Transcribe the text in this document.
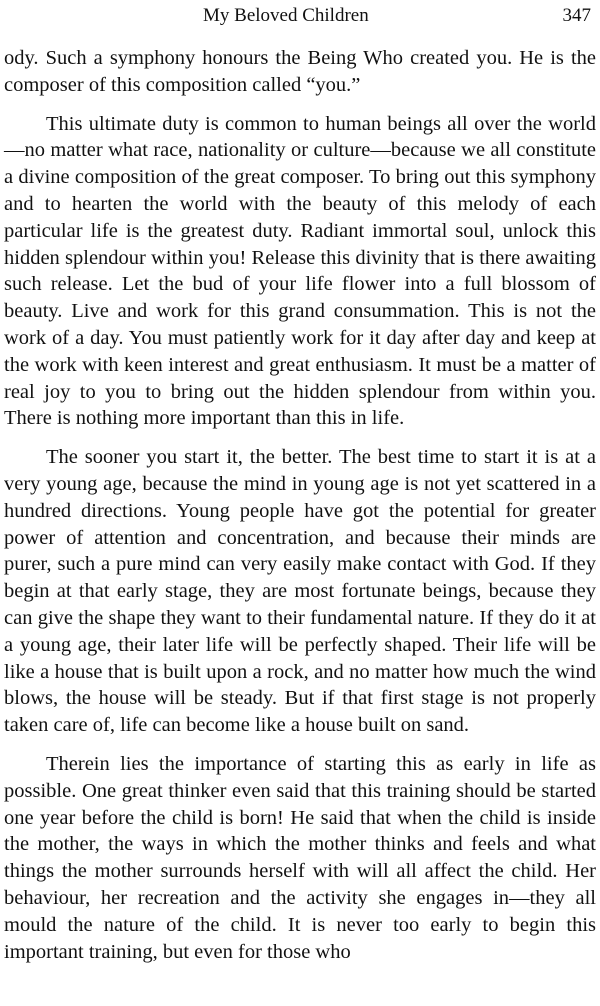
My Beloved Children	347

ody. Such a symphony honours the Being Who created you. He is the composer of this composition called “you.”

This ultimate duty is common to human beings all over the world—no matter what race, nationality or culture—because we all constitute a divine composition of the great composer. To bring out this symphony and to hearten the world with the beauty of this melody of each particular life is the greatest duty. Radiant immortal soul, unlock this hidden splendour within you! Release this divinity that is there awaiting such release. Let the bud of your life flower into a full blossom of beauty. Live and work for this grand consummation. This is not the work of a day. You must patiently work for it day after day and keep at the work with keen interest and great enthusiasm. It must be a matter of real joy to you to bring out the hidden splendour from within you. There is nothing more important than this in life.

The sooner you start it, the better. The best time to start it is at a very young age, because the mind in young age is not yet scattered in a hundred directions. Young people have got the potential for greater power of attention and concentration, and because their minds are purer, such a pure mind can very easily make contact with God. If they begin at that early stage, they are most fortunate beings, because they can give the shape they want to their fundamental nature. If they do it at a young age, their later life will be perfectly shaped. Their life will be like a house that is built upon a rock, and no matter how much the wind blows, the house will be steady. But if that first stage is not properly taken care of, life can become like a house built on sand.

Therein lies the importance of starting this as early in life as possible. One great thinker even said that this training should be started one year before the child is born! He said that when the child is inside the mother, the ways in which the mother thinks and feels and what things the mother surrounds herself with will all affect the child. Her behaviour, her recreation and the activity she engages in—they all mould the nature of the child. It is never too early to begin this important training, but even for those who
